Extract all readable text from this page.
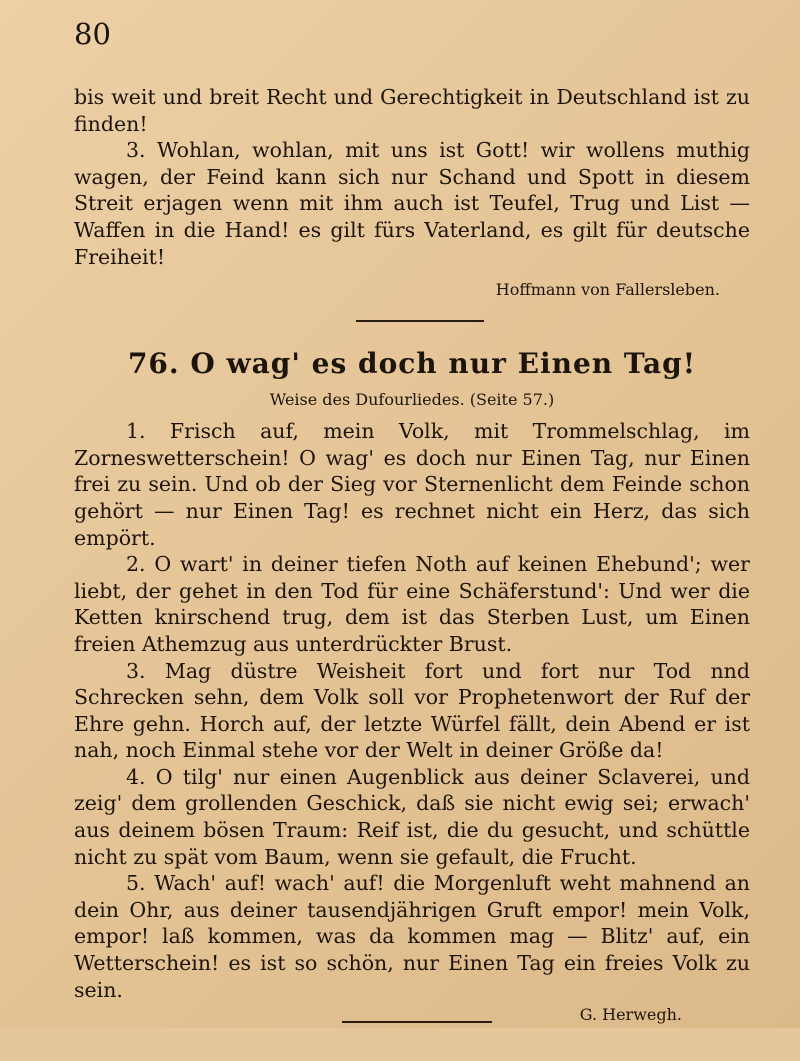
80

bis weit und breit Recht und Gerechtigkeit in Deutschland ist zu finden!

3. Wohlan, wohlan, mit uns ist Gott! wir wollens muthig wagen, der Feind kann sich nur Schand und Spott in diesem Streit erjagen wenn mit ihm auch ist Teufel, Trug und List — Waffen in die Hand! es gilt fürs Vaterland, es gilt für deutsche Freiheit!

Hoffmann von Fallersleben.
76. O wag' es doch nur Einen Tag!
Weise des Dufourliedes. (Seite 57.)

1. Frisch auf, mein Volk, mit Trommelschlag, im Zorneswetterschein! O wag' es doch nur Einen Tag, nur Einen frei zu sein. Und ob der Sieg vor Sternenlicht dem Feinde schon gehört — nur Einen Tag! es rechnet nicht ein Herz, das sich empört.

2. O wart' in deiner tiefen Noth auf keinen Ehebund'; wer liebt, der gehet in den Tod für eine Schäferstund': Und wer die Ketten knirschend trug, dem ist das Sterben Lust, um Einen freien Athemzug aus unterdrückter Brust.

3. Mag düstre Weisheit fort und fort nur Tod nnd Schrecken sehn, dem Volk soll vor Prophetenwort der Ruf der Ehre gehn. Horch auf, der letzte Würfel fällt, dein Abend er ist nah, noch Einmal stehe vor der Welt in deiner Größe da!

4. O tilg' nur einen Augenblick aus deiner Sclaverei, und zeig' dem grollenden Geschick, daß sie nicht ewig sei; erwach' aus deinem bösen Traum: Reif ist, die du gesucht, und schüttle nicht zu spät vom Baum, wenn sie gefault, die Frucht.

5. Wach' auf! wach' auf! die Morgenluft weht mahnend an dein Ohr, aus deiner tausendjährigen Gruft empor! mein Volk, empor! laß kommen, was da kommen mag — Blitz' auf, ein Wetterschein! es ist so schön, nur Einen Tag ein freies Volk zu sein.

G. Herwegh.
